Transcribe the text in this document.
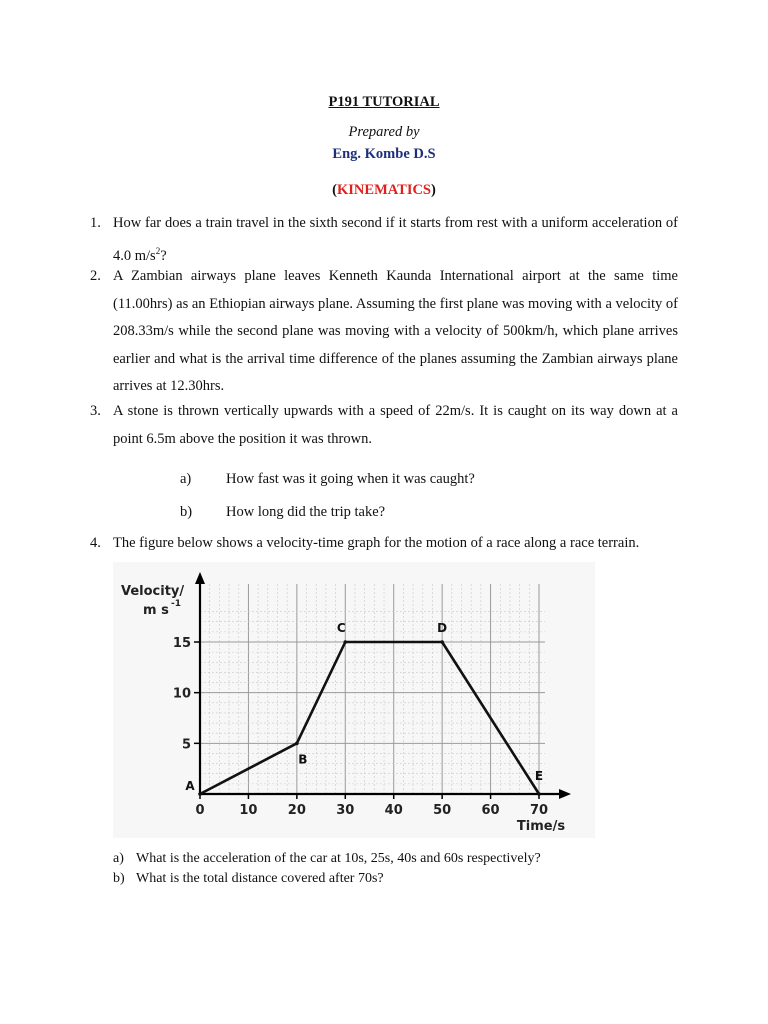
P191 TUTORIAL
Prepared by
Eng. Kombe D.S
(KINEMATICS)
1. How far does a train travel in the sixth second if it starts from rest with a uniform acceleration of 4.0 $m/s^2$?
2. A Zambian airways plane leaves Kenneth Kaunda International airport at the same time (11.00hrs) as an Ethiopian airways plane. Assuming the first plane was moving with a velocity of 208.33m/s while the second plane was moving with a velocity of 500km/h, which plane arrives earlier and what is the arrival time difference of the planes assuming the Zambian airways plane arrives at 12.30hrs.
3. A stone is thrown vertically upwards with a speed of 22m/s. It is caught on its way down at a point 6.5m above the position it was thrown.
a) How fast was it going when it was caught?
b) How long did the trip take?
4. The figure below shows a velocity-time graph for the motion of a race along a race terrain.
0	10 20 30 40 50 60 70
5
10
15
Velocity/
m s -1
Time/s
A
B
C	D
E
a) What is the acceleration of the car at 10s, 25s, 40s and 60s respectively?
b) What is the total distance covered after 70s?
